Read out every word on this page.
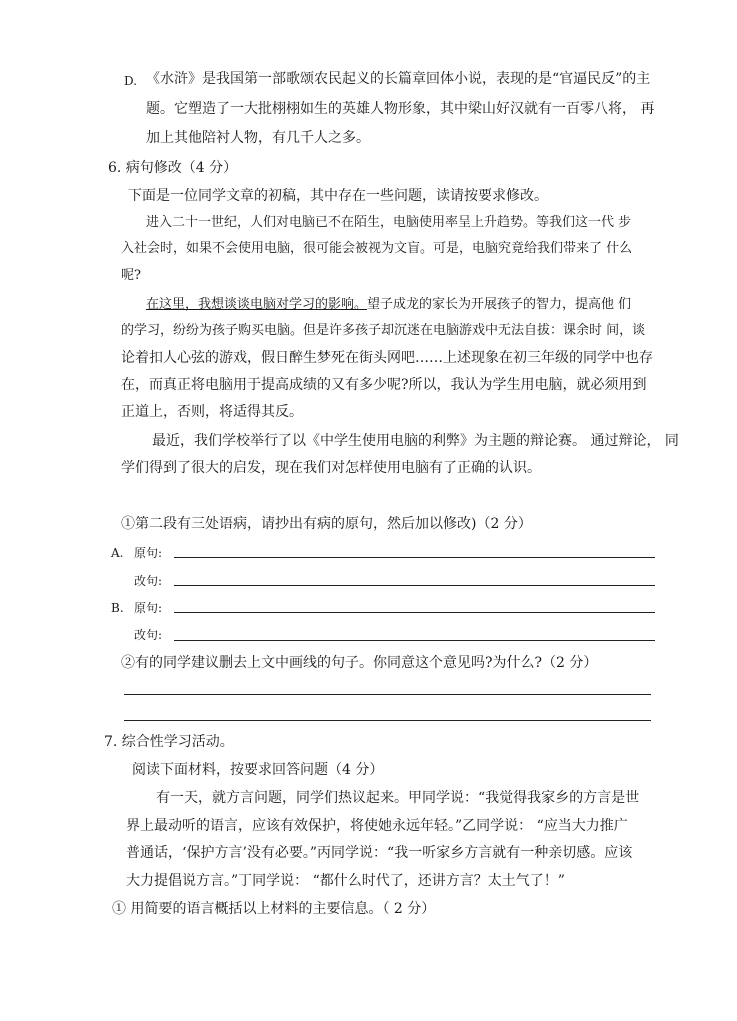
D. 《水浒》是我国第一部歌颂农民起义的长篇章回体小说，表现的是“官逼民反”的主
题。它塑造了一大批栩栩如生的英雄人物形象，其中梁山好汉就有一百零八将， 再
加上其他陪衬人物，有几千人之多。
6. 病句修改（4 分）
下面是一位同学文章的初稿，其中存在一些问题，读请按要求修改。
进入二十一世纪，人们对电脑已不在陌生，电脑使用率呈上升趋势。等我们这一代 步
入社会时，如果不会使用电脑，很可能会被视为文盲。可是，电脑究竟给我们带来了 什么
呢?
在这里，我想谈谈电脑对学习的影响。望子成龙的家长为开展孩子的智力，提高他 们
的学习，纷纷为孩子购买电脑。但是许多孩子却沉迷在电脑游戏中无法自拔：课余时 间，谈
论着扣人心弦的游戏，假日醉生梦死在街头网吧……上述现象在初三年级的同学中也存
在，而真正将电脑用于提高成绩的又有多少呢?所以，我认为学生用电脑，就必须用到
正道上，否则，将适得其反。
最近，我们学校举行了以《中学生使用电脑的利弊》为主题的辩论赛。 通过辩论， 同
学们得到了很大的启发，现在我们对怎样使用电脑有了正确的认识。
①第二段有三处语病，请抄出有病的原句，然后加以修改)（2 分）
A. 原句:
改句:
B. 原句:
改句:
②有的同学建议删去上文中画线的句子。你同意这个意见吗?为什么?（2 分）
7. 综合性学习活动。
阅读下面材料，按要求回答问题（4 分）
有一天，就方言问题，同学们热议起来。甲同学说：“我觉得我家乡的方言是世
界上最动听的语言，应该有效保护，将使她永远年轻。”乙同学说： “应当大力推广
普通话，‘保护方言’没有必要。”丙同学说：“我一听家乡方言就有一种亲切感。应该
大力提倡说方言。”丁同学说： “都什么时代了，还讲方言？太土气了！”
① 用简要的语言概括以上材料的主要信息。（ 2 分）
